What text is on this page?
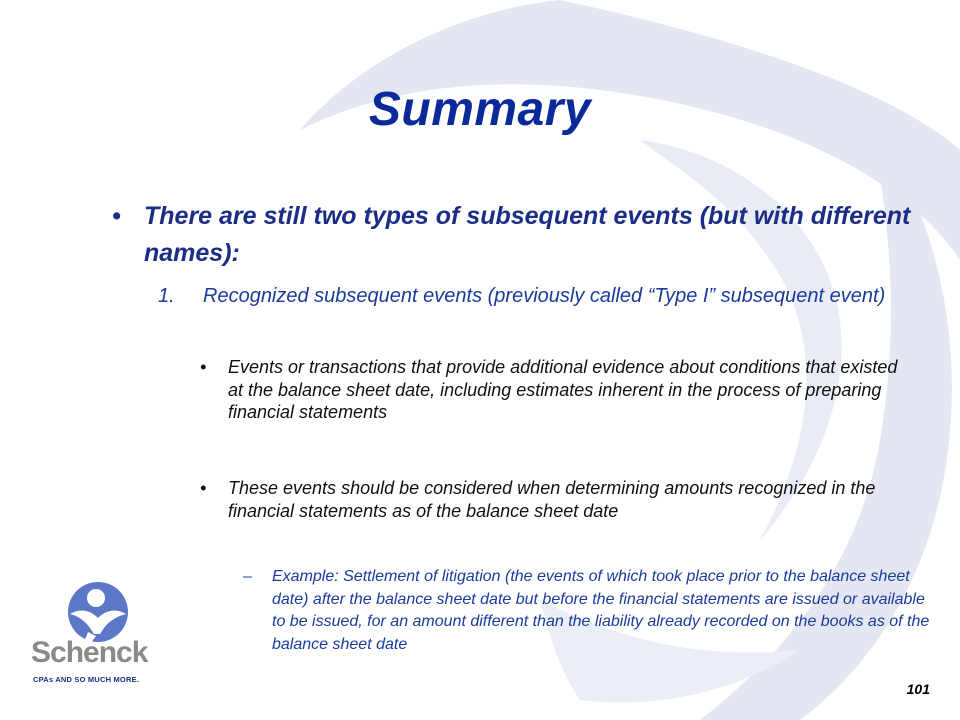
Summary
• There are still two types of subsequent events (but with different names):
1. Recognized subsequent events (previously called “Type I” subsequent event)
• Events or transactions that provide additional evidence about conditions that existed at the balance sheet date, including estimates inherent in the process of preparing financial statements
• These events should be considered when determining amounts recognized in the financial statements as of the balance sheet date
– Example: Settlement of litigation (the events of which took place prior to the balance sheet date) after the balance sheet date but before the financial statements are issued or available to be issued, for an amount different than the liability already recorded on the books as of the balance sheet date
Schenck
CPAs AND SO MUCH MORE.
101
